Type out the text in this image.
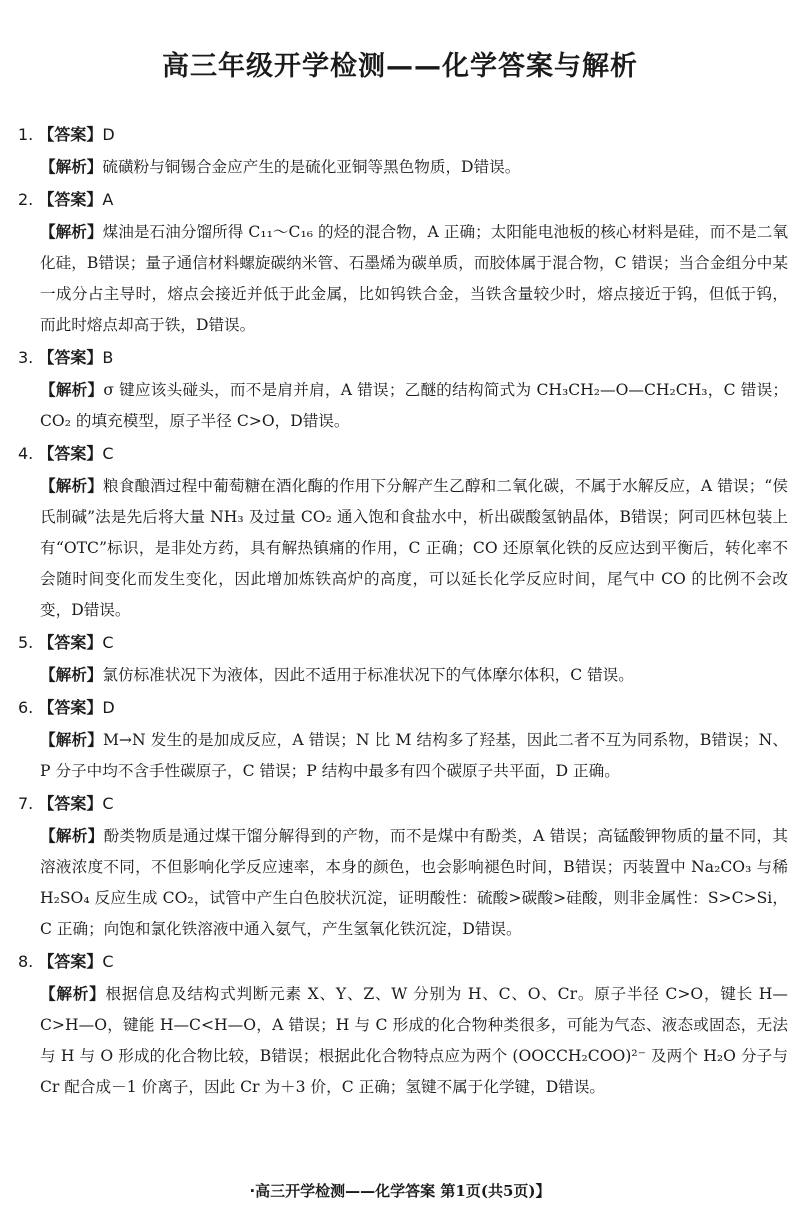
高三年级开学检测——化学答案与解析
1. 【答案】D
【解析】硫磺粉与铜锡合金应产生的是硫化亚铜等黑色物质，D错误。
2. 【答案】A
【解析】煤油是石油分馏所得 C₁₁～C₁₆ 的烃的混合物，A 正确；太阳能电池板的核心材料是硅，而不是二氧化硅，B错误；量子通信材料螺旋碳纳米管、石墨烯为碳单质，而胶体属于混合物，C 错误；当合金组分中某一成分占主导时，熔点会接近并低于此金属，比如钨铁合金，当铁含量较少时，熔点接近于钨，但低于钨，而此时熔点却高于铁，D错误。
3. 【答案】B
【解析】σ 键应该头碰头，而不是肩并肩，A 错误；乙醚的结构简式为 CH₃CH₂—O—CH₂CH₃，C 错误；CO₂ 的填充模型，原子半径 C>O，D错误。
4. 【答案】C
【解析】粮食酿酒过程中葡萄糖在酒化酶的作用下分解产生乙醇和二氧化碳，不属于水解反应，A 错误；“侯氏制碱”法是先后将大量 NH₃ 及过量 CO₂ 通入饱和食盐水中，析出碳酸氢钠晶体，B错误；阿司匹林包装上有“OTC”标识，是非处方药，具有解热镇痛的作用，C 正确；CO 还原氧化铁的反应达到平衡后，转化率不会随时间变化而发生变化，因此增加炼铁高炉的高度，可以延长化学反应时间，尾气中 CO 的比例不会改变，D错误。
5. 【答案】C
【解析】氯仿标准状况下为液体，因此不适用于标准状况下的气体摩尔体积，C 错误。
6. 【答案】D
【解析】M→N 发生的是加成反应，A 错误；N 比 M 结构多了羟基，因此二者不互为同系物，B错误；N、P 分子中均不含手性碳原子，C 错误；P 结构中最多有四个碳原子共平面，D 正确。
7. 【答案】C
【解析】酚类物质是通过煤干馏分解得到的产物，而不是煤中有酚类，A 错误；高锰酸钾物质的量不同，其溶液浓度不同，不但影响化学反应速率，本身的颜色，也会影响褪色时间，B错误；丙装置中 Na₂CO₃ 与稀 H₂SO₄ 反应生成 CO₂，试管中产生白色胶状沉淀，证明酸性：硫酸>碳酸>硅酸，则非金属性：S>C>Si，C 正确；向饱和氯化铁溶液中通入氨气，产生氢氧化铁沉淀，D错误。
8. 【答案】C
【解析】根据信息及结构式判断元素 X、Y、Z、W 分别为 H、C、O、Cr。原子半径 C>O，键长 H—C>H—O，键能 H—C<H—O，A 错误；H 与 C 形成的化合物种类很多，可能为气态、液态或固态，无法与 H 与 O 形成的化合物比较，B错误；根据此化合物特点应为两个 (OOCCH₂COO)²⁻ 及两个 H₂O 分子与 Cr 配合成－1 价离子，因此 Cr 为＋3 价，C 正确；氢键不属于化学键，D错误。
·高三开学检测——化学答案 第1页(共5页)】
